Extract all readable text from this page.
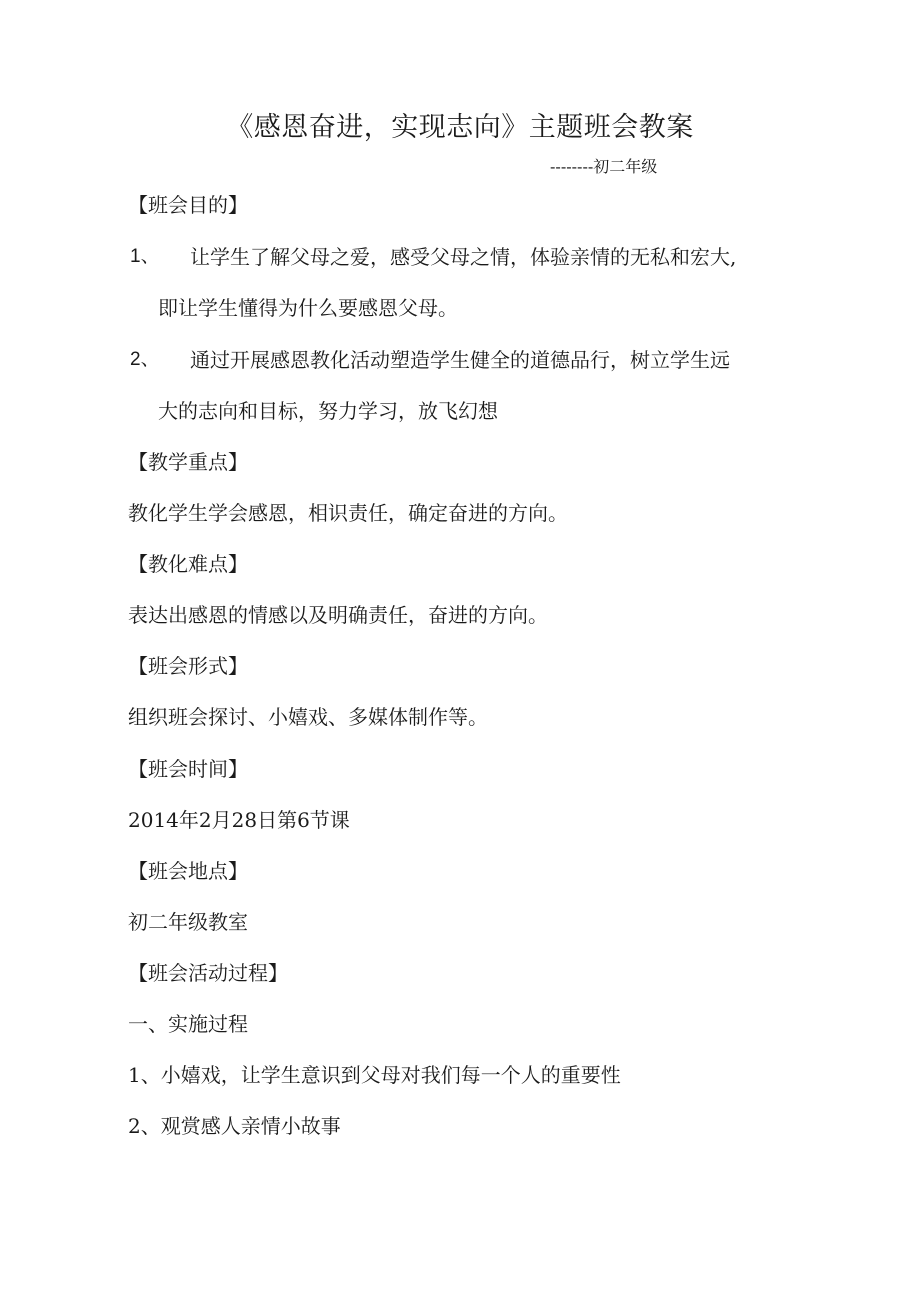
《感恩奋进，实现志向》主题班会教案
--------初二年级
【班会目的】
1、 让学生了解父母之爱，感受父母之情，体验亲情的无私和宏大,
即让学生懂得为什么要感恩父母。
2、 通过开展感恩教化活动塑造学生健全的道德品行，树立学生远
大的志向和目标，努力学习，放飞幻想
【教学重点】
教化学生学会感恩，相识责任，确定奋进的方向。
【教化难点】
表达出感恩的情感以及明确责任，奋进的方向。
【班会形式】
组织班会探讨、小嬉戏、多媒体制作等。
【班会时间】
2014年2月28日第6节课
【班会地点】
初二年级教室
【班会活动过程】
一、实施过程
1、小嬉戏，让学生意识到父母对我们每一个人的重要性
2、观赏感人亲情小故事
